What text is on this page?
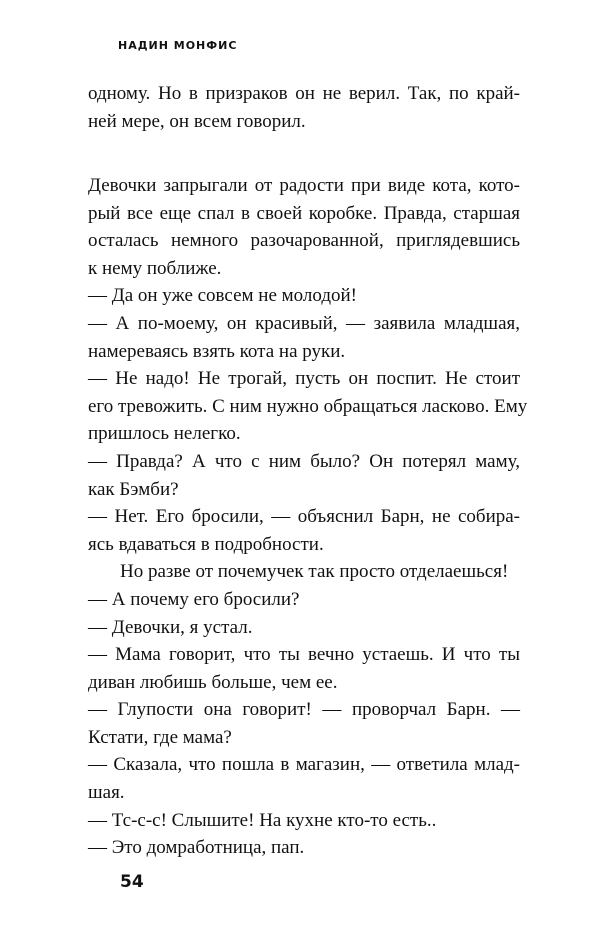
НАДИН МОНФИС
одному. Но в призраков он не верил. Так, по край-
ней мере, он всем говорил.
Девочки запрыгали от радости при виде кота, кото-
рый все еще спал в своей коробке. Правда, старшая
осталась немного разочарованной, приглядевшись
к нему поближе.
— Да он уже совсем не молодой!
— А по-моему, он красивый, — заявила младшая,
намереваясь взять кота на руки.
— Не надо! Не трогай, пусть он поспит. Не стоит
его тревожить. С ним нужно обращаться ласково. Ему
пришлось нелегко.
— Правда? А что с ним было? Он потерял маму,
как Бэмби?
— Нет. Его бросили, — объяснил Барн, не собира-
ясь вдаваться в подробности.
Но разве от почемучек так просто отделаешься!
— А почему его бросили?
— Девочки, я устал.
— Мама говорит, что ты вечно устаешь. И что ты
диван любишь больше, чем ее.
— Глупости она говорит! — проворчал Барн. —
Кстати, где мама?
— Сказала, что пошла в магазин, — ответила млад-
шая.
— Тс-с-с! Слышите! На кухне кто-то есть..
— Это домработница, пап.
54
